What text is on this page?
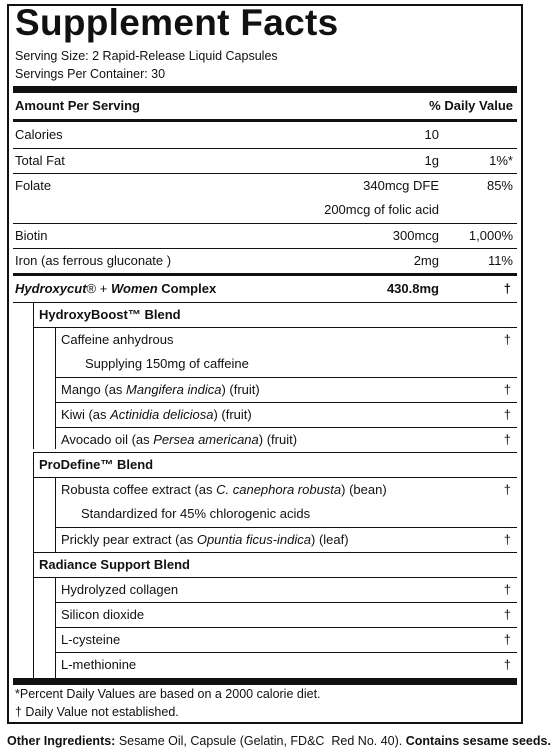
Supplement Facts
Serving Size: 2 Rapid-Release Liquid Capsules
Servings Per Container: 30
Amount Per Serving	% Daily Value
Calories	10
Total Fat	1g	1%*
Folate	340mcg DFE	85%
200mcg of folic acid
Biotin	300mcg 1,000%
Iron (as ferrous gluconate )	2mg	11%
Hydroxycut® + Women Complex	430.8mg	†
HydroxyBoost™ Blend
Caffeine anhydrous	†
Supplying 150mg of caffeine
Mango (as Mangifera indica) (fruit)	†
Kiwi (as Actinidia deliciosa) (fruit)	†
Avocado oil (as Persea americana) (fruit)	†
ProDefine™ Blend
Robusta coffee extract (as C. canephora robusta) (bean)	†
Standardized for 45% chlorogenic acids
Prickly pear extract (as Opuntia ficus-indica) (leaf)	†
Radiance Support Blend
Hydrolyzed collagen	†
Silicon dioxide	†
L-cysteine	†
L-methionine	†
*Percent Daily Values are based on a 2000 calorie diet.
† Daily Value not established.
Other Ingredients: Sesame Oil, Capsule (Gelatin, FD&C  Red No. 40). Contains sesame seeds.
